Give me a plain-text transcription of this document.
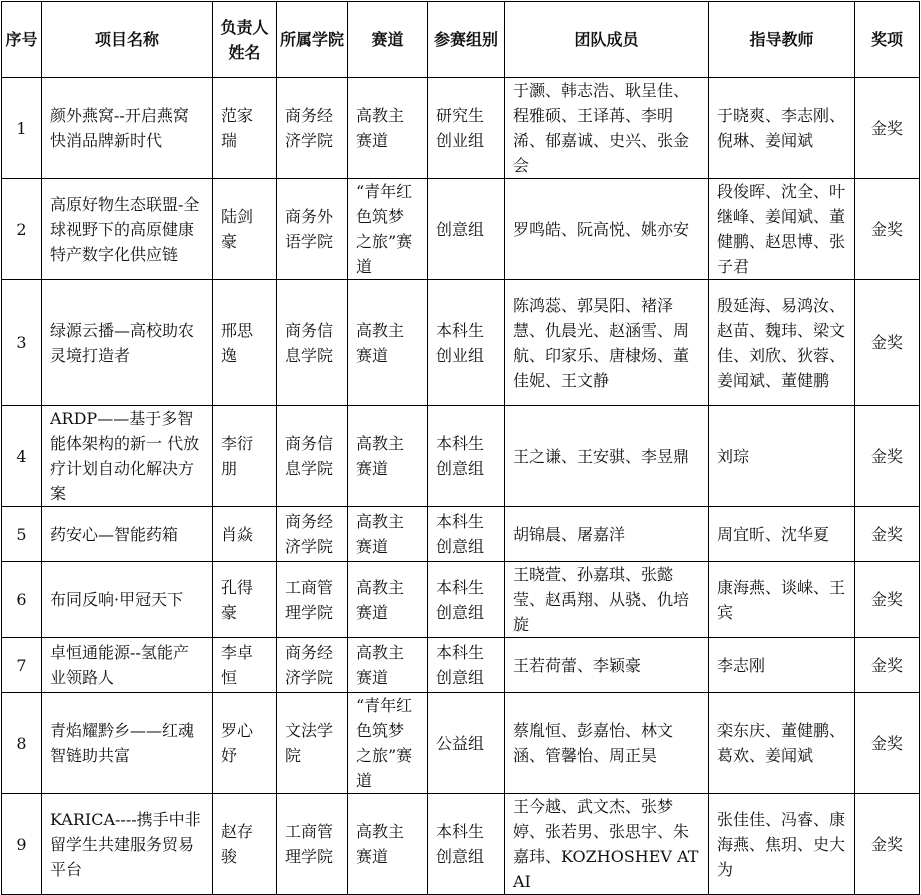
序号	项目名称	负责人姓名	所属学院	赛道	参赛组别	团队成员	指导教师	奖项
1	颜外燕窝--开启燕窝快消品牌新时代	范家瑞	商务经济学院	高教主赛道	研究生创业组	于灏、韩志浩、耿呈佳、程雅硕、王译苒、李明浠、郁嘉诚、史兴、张金会	于晓爽、李志刚、倪琳、姜闻斌	金奖
2	高原好物生态联盟-全球视野下的高原健康特产数字化供应链	陆剑豪	商务外语学院	“青年红色筑梦之旅”赛道	创意组	罗鸣皓、阮高悦、姚亦安	段俊晖、沈全、叶继峰、姜闻斌、董健鹏、赵思博、张子君	金奖
3	绿源云播—高校助农灵境打造者	邢思逸	商务信息学院	高教主赛道	本科生创业组	陈鸿蕊、郭昊阳、褚泽慧、仇晨光、赵涵雪、周航、印家乐、唐棣炀、董佳妮、王文静	殷延海、易鸿汝、赵苗、魏玮、梁文佳、刘欣、狄蓉、姜闻斌、董健鹏	金奖
4	ARDP——基于多智能体架构的新一 代放疗计划自动化解决方案	李衍朋	商务信息学院	高教主赛道	本科生创意组	王之谦、王安骐、李昱鼎	刘琮	金奖
5	药安心—智能药箱	肖焱	商务经济学院	高教主赛道	本科生创意组	胡锦晨、屠嘉洋	周宜昕、沈华夏	金奖
6	布同反响·甲冠天下	孔得豪	工商管理学院	高教主赛道	本科生创意组	王晓萱、孙嘉琪、张懿莹、赵禹翔、从骁、仇培旋	康海燕、谈崃、王宾	金奖
7	卓恒通能源--氢能产业领路人	李卓恒	商务经济学院	高教主赛道	本科生创意组	王若荷蕾、李颖豪	李志刚	金奖
8	青焰耀黔乡——红魂智链助共富	罗心妤	文法学院	“青年红色筑梦之旅”赛道	公益组	蔡胤恒、彭嘉怡、林文涵、管馨怡、周正昊	栾东庆、董健鹏、葛欢、姜闻斌	金奖
9	KARICA----携手中非留学生共建服务贸易平台	赵存骏	工商管理学院	高教主赛道	本科生创意组	王今越、武文杰、张梦婷、张若男、张思宇、朱嘉玮、KOZHOSHEV ATAI	张佳佳、冯睿、康海燕、焦玥、史大为	金奖
